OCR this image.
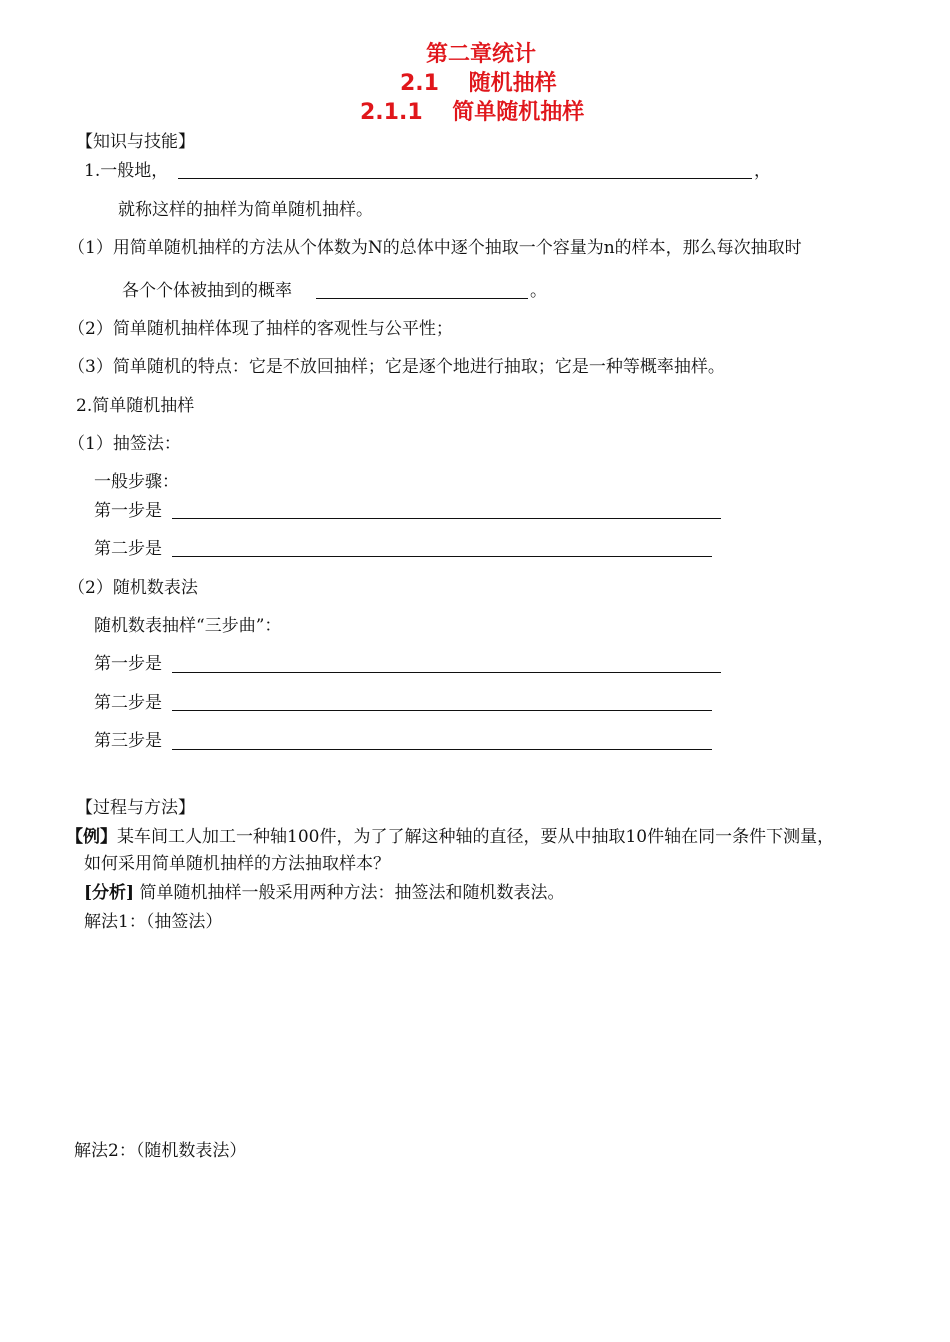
第二章统计
2.1　 随机抽样
2.1.1　 简单随机抽样
【知识与技能】
1.一般地，	，
就称这样的抽样为简单随机抽样。
（1）用简单随机抽样的方法从个体数为N的总体中逐个抽取一个容量为n的样本，那么每次抽取时
各个个体被抽到的概率	。
（2）简单随机抽样体现了抽样的客观性与公平性；
（3）简单随机的特点：它是不放回抽样；它是逐个地进行抽取；它是一种等概率抽样。
2.简单随机抽样
（1）抽签法：
一般步骤：
第一步是
第二步是
（2）随机数表法
随机数表抽样“三步曲”：
第一步是
第二步是
第三步是
【过程与方法】
【例】某车间工人加工一种轴100件，为了了解这种轴的直径，要从中抽取10件轴在同一条件下测量，
如何采用简单随机抽样的方法抽取样本？
[分析] 简单随机抽样一般采用两种方法：抽签法和随机数表法。
解法1：（抽签法）
解法2：（随机数表法）
